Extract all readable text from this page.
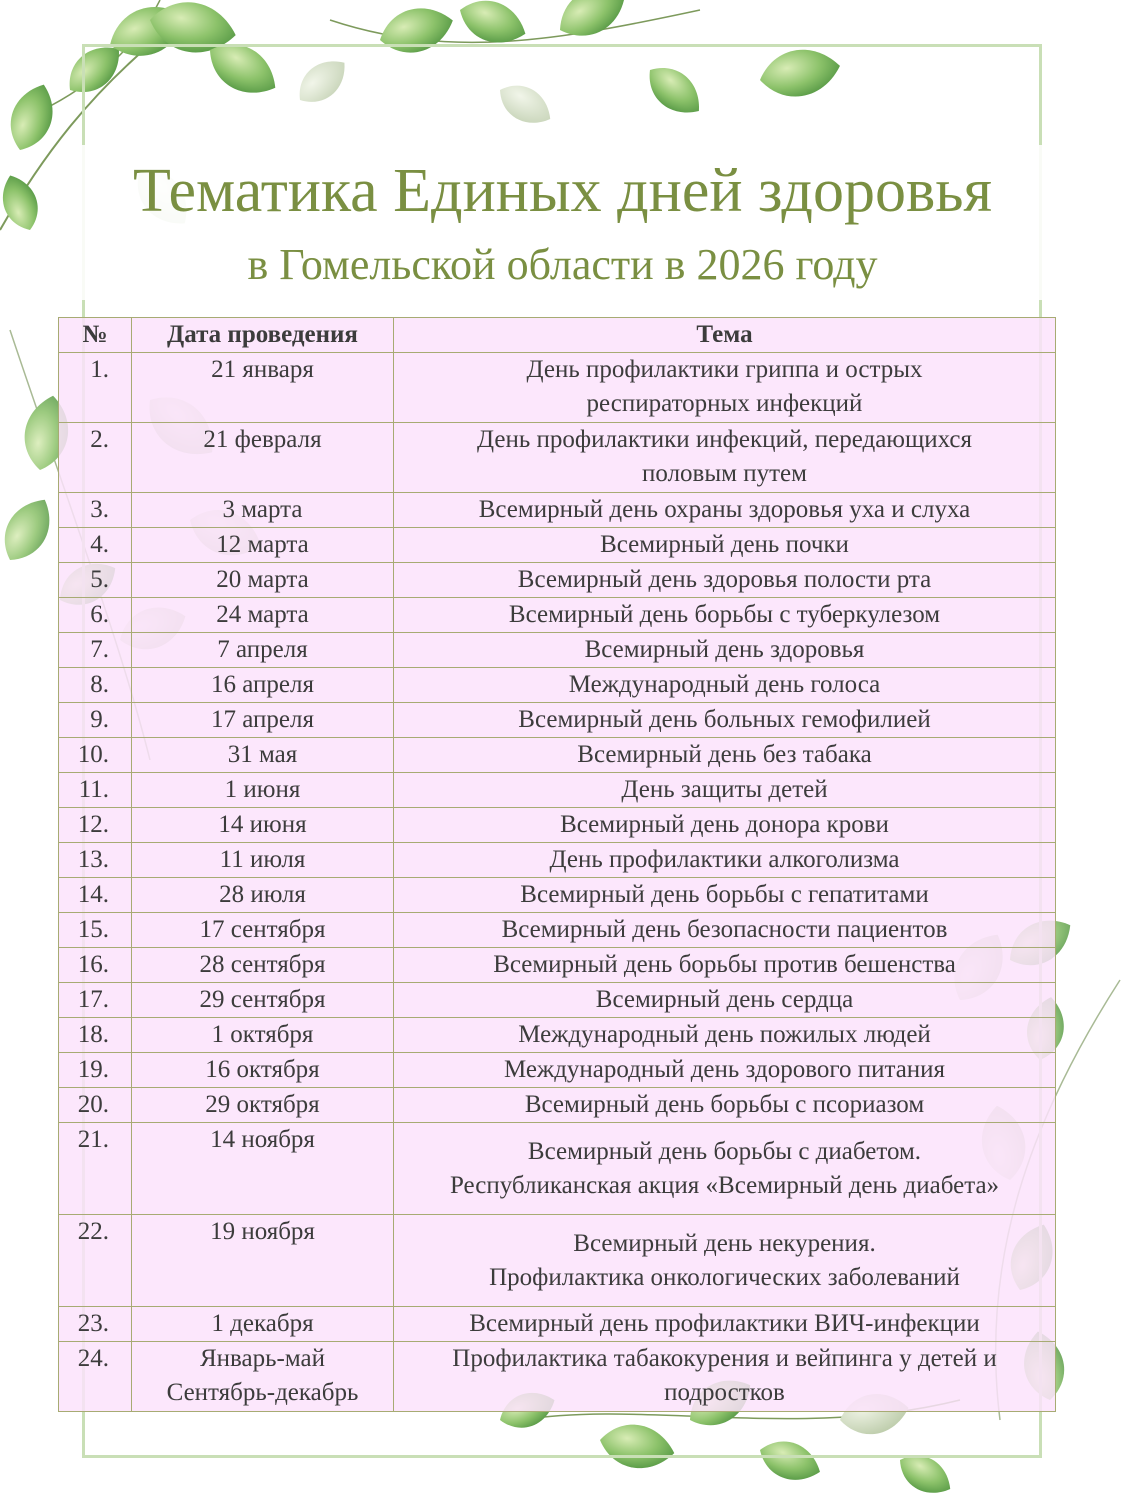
Тематика Единых дней здоровья
в Гомельской области в 2026 году
№	Дата проведения	Тема
1.	21 января	День профилактики гриппа и острых
респираторных инфекций

2.	21 февраля	День профилактики инфекций, передающихся
половым путем

3.	3 марта	Всемирный день охраны здоровья уха и слуха

4.	12 марта	Всемирный день почки

5.	20 марта	Всемирный день здоровья полости рта

6.	24 марта	Всемирный день борьбы с туберкулезом

7.	7 апреля	Всемирный день здоровья

8.	16 апреля	Международный день голоса

9.	17 апреля	Всемирный день больных гемофилией

10.	31 мая	Всемирный день без табака

11.	1 июня	День защиты детей

12.	14 июня	Всемирный день донора крови

13.	11 июля	День профилактики алкоголизма

14.	28 июля	Всемирный день борьбы с гепатитами

15.	17 сентября	Всемирный день безопасности пациентов

16.	28 сентября	Всемирный день борьбы против бешенства

17.	29 сентября	Всемирный день сердца

18.	1 октября	Международный день пожилых людей

19.	16 октября	Международный день здорового питания

20.	29 октября	Всемирный день борьбы с псориазом

21.	14 ноября	Всемирный день борьбы с диабетом.
Республиканская акция «Всемирный день диабета»

22.	19 ноября	Всемирный день некурения.
Профилактика онкологических заболеваний

23.	1 декабря	Всемирный день профилактики ВИЧ-инфекции

24.	Январь-май
Сентябрь-декабрь	Профилактика табакокурения и вейпинга у детей и
подростков
